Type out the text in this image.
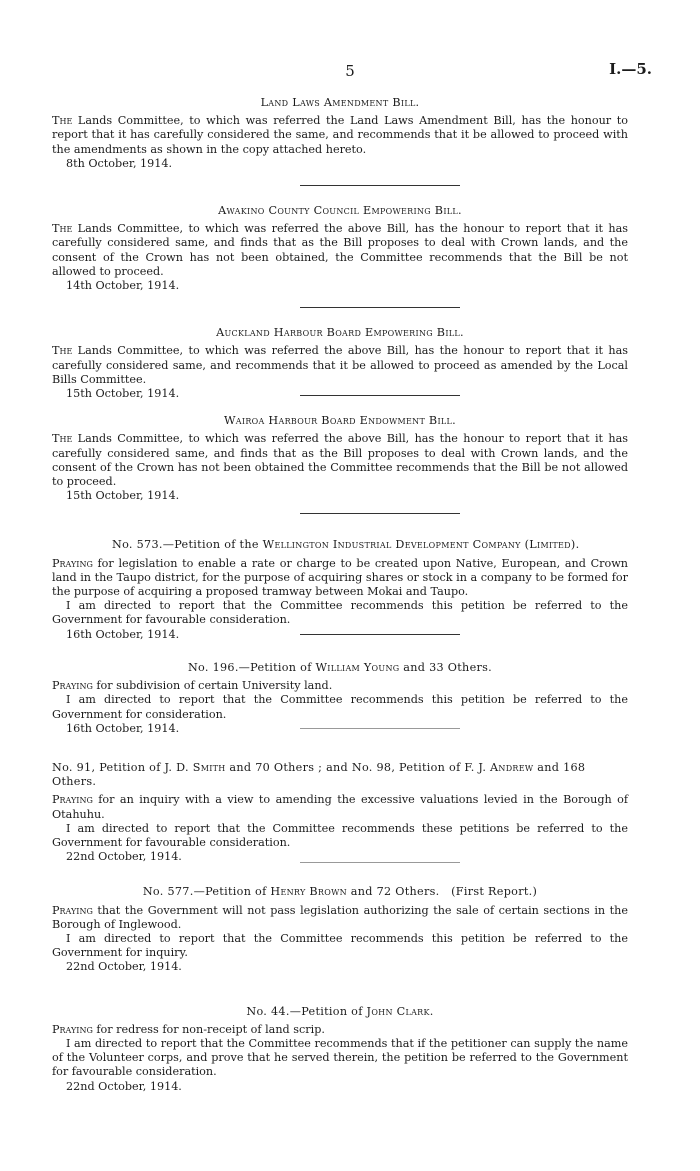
5	I.—5.
Land Laws Amendment Bill.
The Lands Committee, to which was referred the Land Laws Amendment Bill, has the honour to report that it has carefully considered the same, and recommends that it be allowed to proceed with the amendments as shown in the copy attached hereto.
8th October, 1914.
Awakino County Council Empowering Bill.
The Lands Committee, to which was referred the above Bill, has the honour to report that it has carefully considered same, and finds that as the Bill proposes to deal with Crown lands, and the consent of the Crown has not been obtained, the Committee recommends that the Bill be not allowed to proceed.
14th October, 1914.
Auckland Harbour Board Empowering Bill.
The Lands Committee, to which was referred the above Bill, has the honour to report that it has carefully considered same, and recommends that it be allowed to proceed as amended by the Local Bills Committee.
15th October, 1914.
Wairoa Harbour Board Endowment Bill.
The Lands Committee, to which was referred the above Bill, has the honour to report that it has carefully considered same, and finds that as the Bill proposes to deal with Crown lands, and the consent of the Crown has not been obtained the Committee recommends that the Bill be not allowed to proceed.
15th October, 1914.
No. 573.—Petition of the Wellington Industrial Development Company (Limited).
Praying for legislation to enable a rate or charge to be created upon Native, European, and Crown land in the Taupo district, for the purpose of acquiring shares or stock in a company to be formed for the purpose of acquiring a proposed tramway between Mokai and Taupo.
I am directed to report that the Committee recommends this petition be referred to the Government for favourable consideration.
16th October, 1914.
No. 196.—Petition of William Young and 33 Others.
Praying for subdivision of certain University land.
I am directed to report that the Committee recommends this petition be referred to the Government for consideration.
16th October, 1914.
No. 91, Petition of J. D. Smith and 70 Others ; and No. 98, Petition of F. J. Andrew and 168 Others.
Praying for an inquiry with a view to amending the excessive valuations levied in the Borough of Otahuhu.
I am directed to report that the Committee recommends these petitions be referred to the Government for favourable consideration.
22nd October, 1914.
No. 577.—Petition of Henry Brown and 72 Others. (First Report.)
Praying that the Government will not pass legislation authorizing the sale of certain sections in the Borough of Inglewood.
I am directed to report that the Committee recommends this petition be referred to the Government for inquiry.
22nd October, 1914.
No. 44.—Petition of John Clark.
Praying for redress for non-receipt of land scrip.
I am directed to report that the Committee recommends that if the petitioner can supply the name of the Volunteer corps, and prove that he served therein, the petition be referred to the Government for favourable consideration.
22nd October, 1914.
